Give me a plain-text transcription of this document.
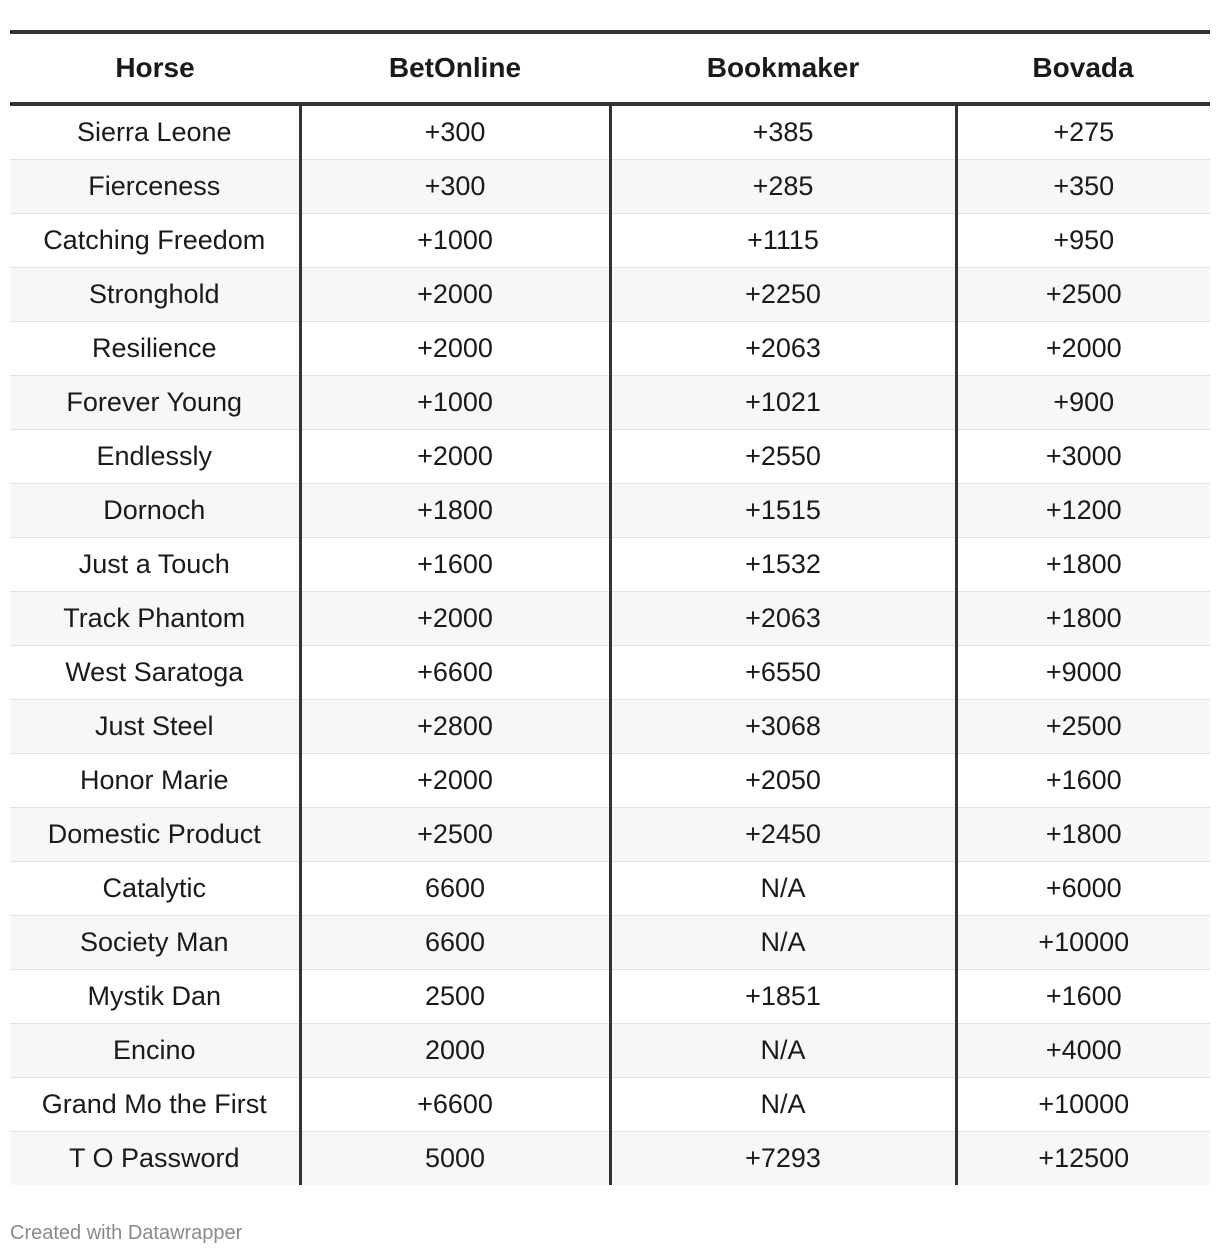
Horse	BetOnline	Bookmaker	Bovada
Sierra Leone	+300	+385	+275
Fierceness	+300	+285	+350
Catching Freedom	+1000	+1115	+950
Stronghold	+2000	+2250	+2500
Resilience	+2000	+2063	+2000
Forever Young	+1000	+1021	+900
Endlessly	+2000	+2550	+3000
Dornoch	+1800	+1515	+1200
Just a Touch	+1600	+1532	+1800
Track Phantom	+2000	+2063	+1800
West Saratoga	+6600	+6550	+9000
Just Steel	+2800	+3068	+2500
Honor Marie	+2000	+2050	+1600
Domestic Product	+2500	+2450	+1800
Catalytic	6600	N/A	+6000
Society Man	6600	N/A	+10000
Mystik Dan	2500	+1851	+1600
Encino	2000	N/A	+4000
Grand Mo the First	+6600	N/A	+10000
T O Password	5000	+7293	+12500
Created with Datawrapper
